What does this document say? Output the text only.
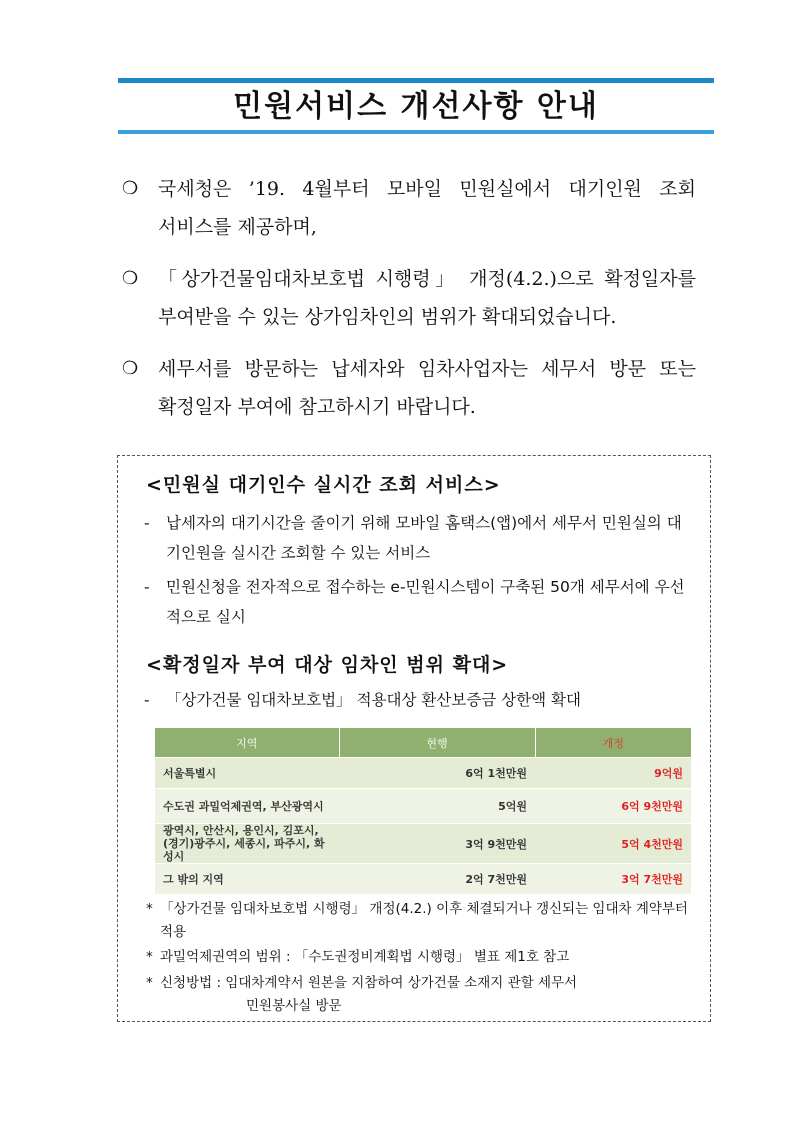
민원서비스 개선사항 안내
❍ 국세청은 ’19. 4월부터 모바일 민원실에서 대기인원 조회 서비스를 제공하며,
❍ 「상가건물임대차보호법 시행령」 개정(4.2.)으로 확정일자를 부여받을 수 있는 상가임차인의 범위가 확대되었습니다.
❍ 세무서를 방문하는 납세자와 임차사업자는 세무서 방문 또는 확정일자 부여에 참고하시기 바랍니다.
<민원실 대기인수 실시간 조회 서비스>
-	납세자의 대기시간을 줄이기 위해 모바일 홈택스(앱)에서 세무서 민원실의 대기인원을 실시간 조회할 수 있는 서비스
-	민원신청을 전자적으로 접수하는 e-민원시스템이 구축된 50개 세무서에 우선적으로 실시
<확정일자 부여 대상 임차인 범위 확대>
-	「상가건물 임대차보호법」 적용대상 환산보증금 상한액 확대
지역	현행	개정
서울특별시	6억 1천만원	9억원
수도권 과밀억제권역, 부산광역시	5억원	6억 9천만원
광역시, 안산시, 용인시, 김포시, (경기)광주시, 세종시, 파주시, 화성시	3억 9천만원	5억 4천만원
그 밖의 지역	2억 7천만원	3억 7천만원
* 「상가건물 임대차보호법 시행령」 개정(4.2.) 이후 체결되거나 갱신되는 임대차 계약부터 적용
* 과밀억제권역의 범위 : 「수도권정비계획법 시행령」 별표 제1호 참고
* 신청방법 : 임대차계약서 원본을 지참하여 상가건물 소재지 관할 세무서
민원봉사실 방문
